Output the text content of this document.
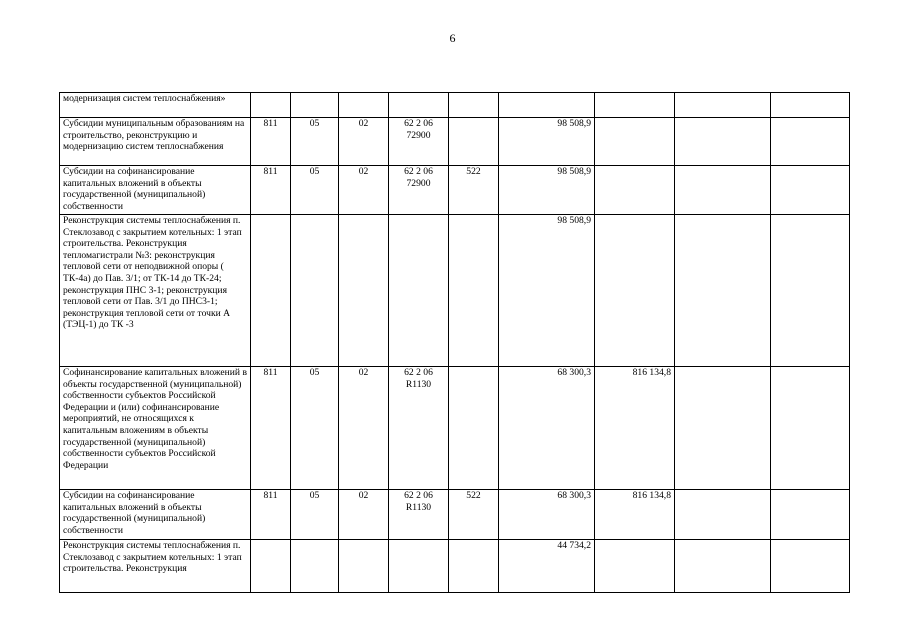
6
модернизация систем теплоснабжения»									
Субсидии муниципальным образованиям на строительство, реконструкцию и модернизацию систем теплоснабжения	811	05	02	62 2 06 72900		98 508,9			
Субсидии на софинансирование капитальных вложений в объекты государственной (муниципальной) собственности	811	05	02	62 2 06 72900	522	98 508,9			
Реконструкция системы теплоснабжения п. Стеклозавод с закрытием котельных: 1 этап строительства. Реконструкция тепломагистрали №3: реконструкция тепловой сети от неподвижной опоры ( ТК-4а) до Пав. 3/1; от ТК-14 до ТК-24; реконструкция ПНС 3-1; реконструкция тепловой сети от Пав. 3/1 до ПНС3-1; реконструкция тепловой сети от точки А (ТЭЦ-1) до ТК -3						98 508,9			
Софинансирование капитальных вложений в объекты государственной (муниципальной) собственности субъектов Российской Федерации и (или) софинансирование мероприятий, не относящихся к капитальным вложениям в объекты государственной (муниципальной) собственности субъектов Российской Федерации	811	05	02	62 2 06 R1130		68 300,3	816 134,8		
Субсидии на софинансирование капитальных вложений в объекты государственной (муниципальной) собственности	811	05	02	62 2 06 R1130	522	68 300,3	816 134,8		
Реконструкция системы теплоснабжения п. Стеклозавод с закрытием котельных: 1 этап строительства. Реконструкция						44 734,2			
